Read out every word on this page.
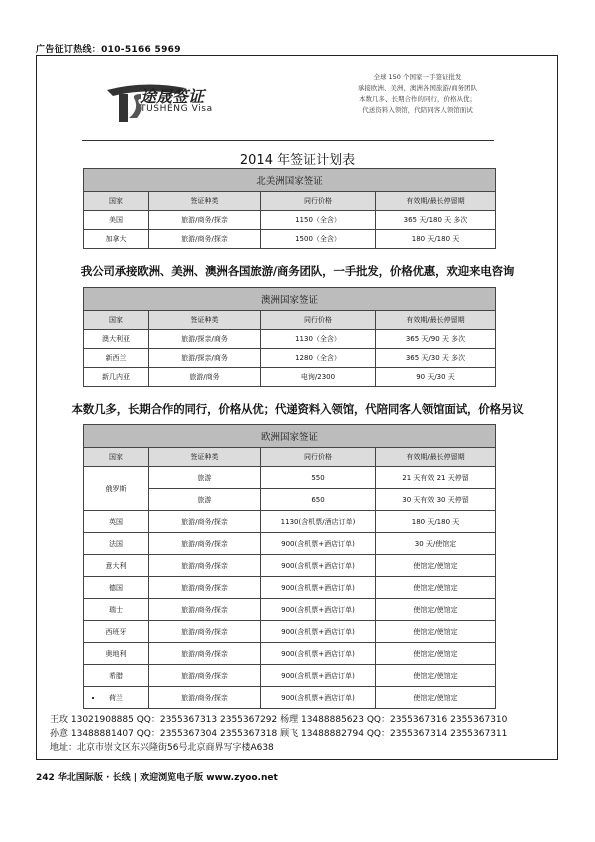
广告征订热线：010-5166 5969
途晟签证
TUSHENG Visa
全球 150 个国家一手签证批发
承接欧洲、美洲、澳洲各国旅游/商务团队
本数几多、长期合作的同行，价格从优；
代送资料入领馆，代陪同客人领馆面试
2014 年签证计划表
北美洲国家签证			
国家	签证种类	同行价格	有效期/最长停留期
美国	旅游/商务/探亲	1150（全含）	365 天/180 天 多次
加拿大	旅游/商务/探亲	1500（全含）	180 天/180 天
我公司承接欧洲、美洲、澳洲各国旅游/商务团队，一手批发，价格优惠，欢迎来电咨询
澳洲国家签证			
国家	签证种类	同行价格	有效期/最长停留期
澳大利亚	旅游/探亲/商务	1130（全含）	365 天/90 天 多次
新西兰	旅游/探亲/商务	1280（全含）	365 天/30 天 多次
新几内亚	旅游/商务	电询/2300	90 天/30 天
本数几多，长期合作的同行，价格从优；代递资料入领馆，代陪同客人领馆面试，价格另议
欧洲国家签证			
国家	签证种类	同行价格	有效期/最长停留期
俄罗斯	旅游	550	21 天有效 21 天停留
	旅游	650	30 天有效 30 天停留
英国	旅游/商务/探亲	1130(含机票/酒店订单)	180 天/180 天
法国	旅游/商务/探亲	900(含机票+酒店订单)	30 天/使馆定
意大利	旅游/商务/探亲	900(含机票+酒店订单)	使馆定/使馆定
德国	旅游/商务/探亲	900(含机票+酒店订单)	使馆定/使馆定
瑞士	旅游/商务/探亲	900(含机票+酒店订单)	使馆定/使馆定
西班牙	旅游/商务/探亲	900(含机票+酒店订单)	使馆定/使馆定
奥地利	旅游/商务/探亲	900(含机票+酒店订单)	使馆定/使馆定
希腊	旅游/商务/探亲	900(含机票+酒店订单)	使馆定/使馆定
荷兰	旅游/商务/探亲	900(含机票+酒店订单)	使馆定/使馆定
王玫 13021908885 QQ：2355367313 2355367292 杨理 13488885623 QQ：2355367316 2355367310
孙意 13488881407 QQ：2355367304 2355367318 顾飞 13488882794 QQ：2355367314 2355367311
地址：北京市崇文区东兴隆街56号北京商界写字楼A638
242 华北国际版 · 长线 | 欢迎浏览电子版 www.zyoo.net
